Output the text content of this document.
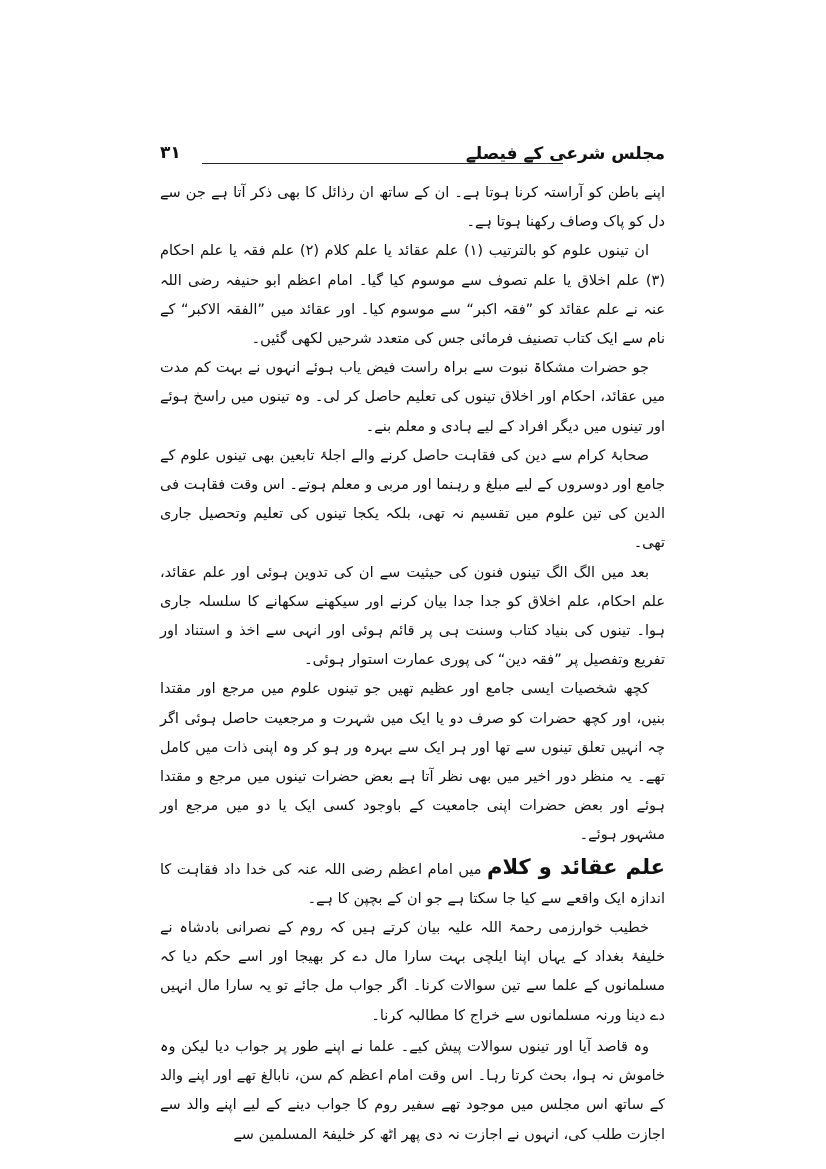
مجلس شرعی کے فیصلے
۳۱

اپنے باطن کو آراستہ کرنا ہوتا ہے۔ ان کے ساتھ ان رذائل کا بھی ذکر آتا ہے جن سے دل کو پاک وصاف رکھنا ہوتا ہے۔

ان تینوں علوم کو بالترتیب (۱) علم عقائد یا علم کلام (۲) علم فقہ یا علم احکام (۳) علم اخلاق یا علم تصوف سے موسوم کیا گیا۔ امام اعظم ابو حنیفہ رضی اللہ عنہ نے علم عقائد کو ”فقہ اکبر“ سے موسوم کیا۔ اور عقائد میں ”الفقہ الاکبر“ کے نام سے ایک کتاب تصنیف فرمائی جس کی متعدد شرحیں لکھی گئیں۔

جو حضرات مشکاۃ نبوت سے براہ راست فیض یاب ہوئے انہوں نے بہت کم مدت میں عقائد، احکام اور اخلاق تینوں کی تعلیم حاصل کر لی۔ وہ تینوں میں راسخ ہوئے اور تینوں میں دیگر افراد کے لیے ہادی و معلم بنے۔

صحابۂ کرام سے دین کی فقاہت حاصل کرنے والے اجلۂ تابعین بھی تینوں علوم کے جامع اور دوسروں کے لیے مبلغ و رہنما اور مربی و معلم ہوتے۔ اس وقت فقاہت فی الدین کی تین علوم میں تقسیم نہ تھی، بلکہ یکجا تینوں کی تعلیم وتحصیل جاری تھی۔

بعد میں الگ الگ تینوں فنون کی حیثیت سے ان کی تدوین ہوئی اور علم عقائد، علم احکام، علم اخلاق کو جدا جدا بیان کرنے اور سیکھنے سکھانے کا سلسلہ جاری ہوا۔ تینوں کی بنیاد کتاب وسنت ہی پر قائم ہوئی اور انہی سے اخذ و استناد اور تفریع وتفصیل پر ”فقہ دین“ کی پوری عمارت استوار ہوئی۔

کچھ شخصیات ایسی جامع اور عظیم تھیں جو تینوں علوم میں مرجع اور مقتدا بنیں، اور کچھ حضرات کو صرف دو یا ایک میں شہرت و مرجعیت حاصل ہوئی اگر چہ انہیں تعلق تینوں سے تھا اور ہر ایک سے بہرہ ور ہو کر وہ اپنی ذات میں کامل تھے۔ یہ منظر دور اخیر میں بھی نظر آتا ہے بعض حضرات تینوں میں مرجع و مقتدا ہوئے اور بعض حضرات اپنی جامعیت کے باوجود کسی ایک یا دو میں مرجع اور مشہور ہوئے۔

علم عقائد و کلام میں امام اعظم رضی اللہ عنہ کی خدا داد فقاہت کا اندازہ ایک واقعے سے کیا جا سکتا ہے جو ان کے بچپن کا ہے۔

خطیب خوارزمی رحمۃ اللہ علیہ بیان کرتے ہیں کہ روم کے نصرانی بادشاہ نے خلیفۂ بغداد کے یہاں اپنا ایلچی بہت سارا مال دے کر بھیجا اور اسے حکم دیا کہ مسلمانوں کے علما سے تین سوالات کرنا۔ اگر جواب مل جائے تو یہ سارا مال انہیں دے دینا ورنہ مسلمانوں سے خراج کا مطالبہ کرنا۔

وہ قاصد آیا اور تینوں سوالات پیش کیے۔ علما نے اپنے طور پر جواب دیا لیکن وہ خاموش نہ ہوا، بحث کرتا رہا۔ اس وقت امام اعظم کم سن، نابالغ تھے اور اپنے والد کے ساتھ اس مجلس میں موجود تھے سفیر روم کا جواب دینے کے لیے اپنے والد سے اجازت طلب کی، انہوں نے اجازت نہ دی پھر اٹھ کر خلیفۃ المسلمین سے
